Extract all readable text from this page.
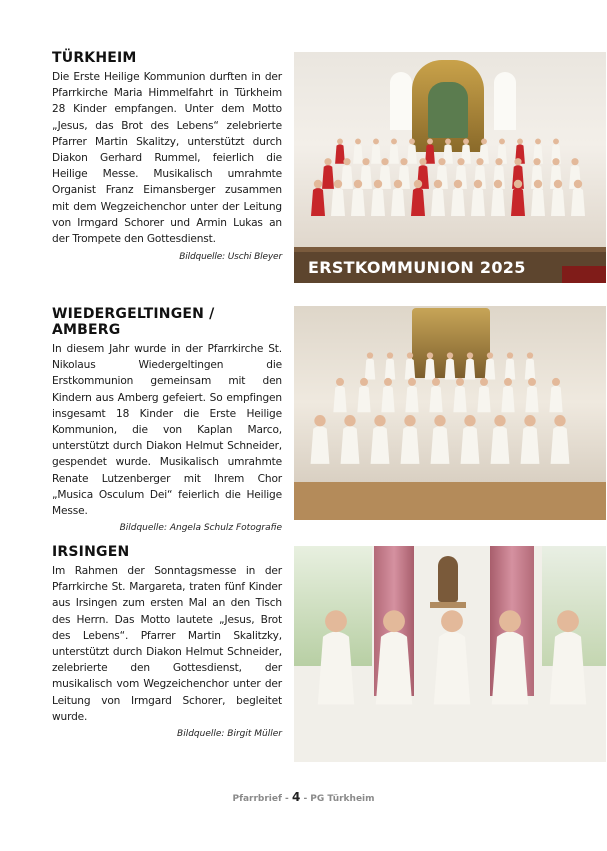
TÜRKHEIM

Die Erste Heilige Kommunion durften in der Pfarrkirche Maria Himmelfahrt in Türkheim 28 Kinder empfangen. Unter dem Motto „Jesus, das Brot des Lebens“ zelebrierte Pfarrer Martin Skalitzy, unterstützt durch Diakon Gerhard Rummel, feierlich die Heilige Messe. Musikalisch umrahmte Organist Franz Eimansberger zusammen mit dem Wegzeichenchor unter der Leitung von Irmgard Schorer und Armin Lukas an der Trompete den Gottesdienst.
Bildquelle: Uschi Bleyer

ERSTKOMMUNION 2025
WIEDERGELTINGEN / AMBERG

In diesem Jahr wurde in der Pfarrkirche St. Nikolaus Wiedergeltingen die Erstkommunion gemeinsam mit den Kindern aus Amberg gefeiert. So empfingen insgesamt 18 Kinder die Erste Heilige Kommunion, die von Kaplan Marco, unterstützt durch Diakon Helmut Schneider, gespendet wurde. Musikalisch umrahmte Renate Lutzenberger mit Ihrem Chor „Musica Osculum Dei“ feierlich die Heilige Messe.

Bildquelle: Angela Schulz Fotografie
IRSINGEN

Im Rahmen der Sonntagsmesse in der Pfarrkirche St. Margareta, traten fünf Kinder aus Irsingen zum ersten Mal an den Tisch des Herrn. Das Motto lautete „Jesus, Brot des Lebens“. Pfarrer Martin Skalitzky, unterstützt durch Diakon Helmut Schneider, zelebrierte den Gottesdienst, der musikalisch vom Wegzeichenchor unter der Leitung von Irmgard Schorer, begleitet wurde.

Bildquelle: Birgit Müller
Pfarrbrief - 4 - PG Türkheim
